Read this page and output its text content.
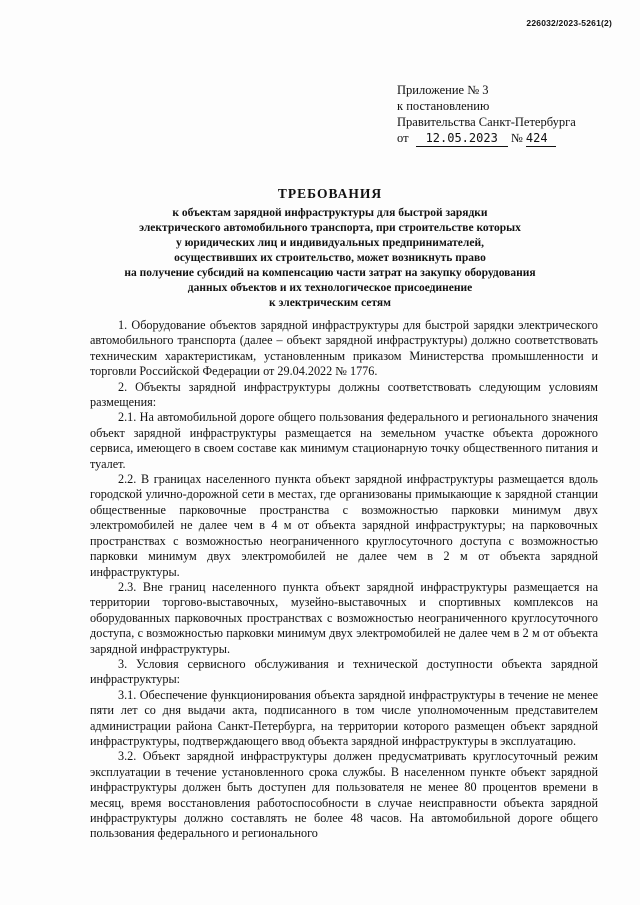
226032/2023-5261(2)
Приложение № 3
к постановлению
Правительства Санкт-Петербурга
от 12.05.2023 № 424
ТРЕБОВАНИЯ
к объектам зарядной инфраструктуры для быстрой зарядки
электрического автомобильного транспорта, при строительстве которых
у юридических лиц и индивидуальных предпринимателей,
осуществивших их строительство, может возникнуть право
на получение субсидий на компенсацию части затрат на закупку оборудования
данных объектов и их технологическое присоединение
к электрическим сетям

1. Оборудование объектов зарядной инфраструктуры для быстрой зарядки электрического автомобильного транспорта (далее – объект зарядной инфраструктуры) должно соответствовать техническим характеристикам, установленным приказом Министерства промышленности и торговли Российской Федерации от 29.04.2022 № 1776.

2. Объекты зарядной инфраструктуры должны соответствовать следующим условиям размещения:

2.1. На автомобильной дороге общего пользования федерального и регионального значения объект зарядной инфраструктуры размещается на земельном участке объекта дорожного сервиса, имеющего в своем составе как минимум стационарную точку общественного питания и туалет.

2.2. В границах населенного пункта объект зарядной инфраструктуры размещается вдоль городской улично-дорожной сети в местах, где организованы примыкающие к зарядной станции общественные парковочные пространства с возможностью парковки минимум двух электромобилей не далее чем в 4 м от объекта зарядной инфраструктуры; на парковочных пространствах с возможностью неограниченного круглосуточного доступа с возможностью парковки минимум двух электромобилей не далее чем в 2 м от объекта зарядной инфраструктуры.

2.3. Вне границ населенного пункта объект зарядной инфраструктуры размещается на территории торгово-выставочных, музейно-выставочных и спортивных комплексов на оборудованных парковочных пространствах с возможностью неограниченного круглосуточного доступа, с возможностью парковки минимум двух электромобилей не далее чем в 2 м от объекта зарядной инфраструктуры.

3. Условия сервисного обслуживания и технической доступности объекта зарядной инфраструктуры:

3.1. Обеспечение функционирования объекта зарядной инфраструктуры в течение не менее пяти лет со дня выдачи акта, подписанного в том числе уполномоченным представителем администрации района Санкт-Петербурга, на территории которого размещен объект зарядной инфраструктуры, подтверждающего ввод объекта зарядной инфраструктуры в эксплуатацию.

3.2. Объект зарядной инфраструктуры должен предусматривать круглосуточный режим эксплуатации в течение установленного срока службы. В населенном пункте объект зарядной инфраструктуры должен быть доступен для пользователя не менее 80 процентов времени в месяц, время восстановления работоспособности в случае неисправности объекта зарядной инфраструктуры должно составлять не более 48 часов. На автомобильной дороге общего пользования федерального и регионального
